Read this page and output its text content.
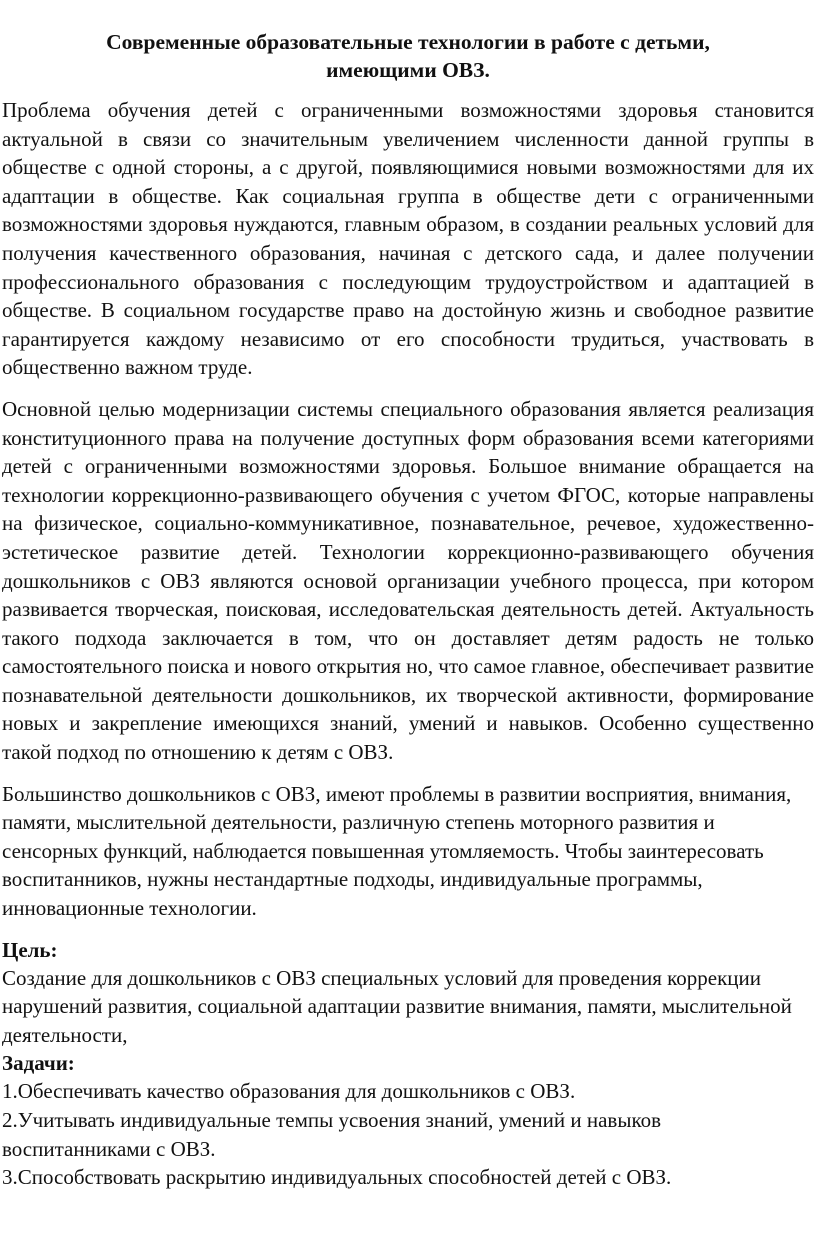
Современные образовательные технологии в работе с детьми,
имеющими ОВЗ.

Проблема обучения детей с ограниченными возможностями здоровья становится актуальной в связи со значительным увеличением численности данной группы в обществе с одной стороны, а с другой, появляющимися новыми возможностями для их адаптации в обществе. Как социальная группа в обществе дети с ограниченными возможностями здоровья нуждаются, главным образом, в создании реальных условий для получения качественного образования, начиная с детского сада, и далее получении профессионального образования с последующим трудоустройством и адаптацией в обществе. В социальном государстве право на достойную жизнь и свободное развитие гарантируется каждому независимо от его способности трудиться, участвовать в общественно важном труде.

Основной целью модернизации системы специального образования является реализация конституционного права на получение доступных форм образования всеми категориями детей с ограниченными возможностями здоровья. Большое внимание обращается на технологии коррекционно-развивающего обучения с учетом ФГОС, которые направлены на физическое, социально-коммуникативное, познавательное, речевое, художественно-эстетическое развитие детей. Технологии коррекционно-развивающего обучения дошкольников с ОВЗ являются основой организации учебного процесса, при котором развивается творческая, поисковая, исследовательская деятельность детей. Актуальность такого подхода заключается в том, что он доставляет детям радость не только самостоятельного поиска и нового открытия но, что самое главное, обеспечивает развитие познавательной деятельности дошкольников, их творческой активности, формирование новых и закрепление имеющихся знаний, умений и навыков. Особенно существенно такой подход по отношению к детям с ОВЗ.

Большинство дошкольников с ОВЗ, имеют проблемы в развитии восприятия, внимания, памяти, мыслительной деятельности, различную степень моторного развития и сенсорных функций, наблюдается повышенная утомляемость. Чтобы заинтересовать воспитанников, нужны нестандартные подходы, индивидуальные программы, инновационные технологии.

Цель:
Создание для дошкольников с ОВЗ специальных условий для проведения коррекции нарушений развития, социальной адаптации развитие внимания, памяти, мыслительной деятельности,
Задачи:
1.Обеспечивать качество образования для дошкольников с ОВЗ.
2.Учитывать индивидуальные темпы усвоения знаний, умений и навыков воспитанниками с ОВЗ.
3.Способствовать раскрытию индивидуальных способностей детей с ОВЗ.
